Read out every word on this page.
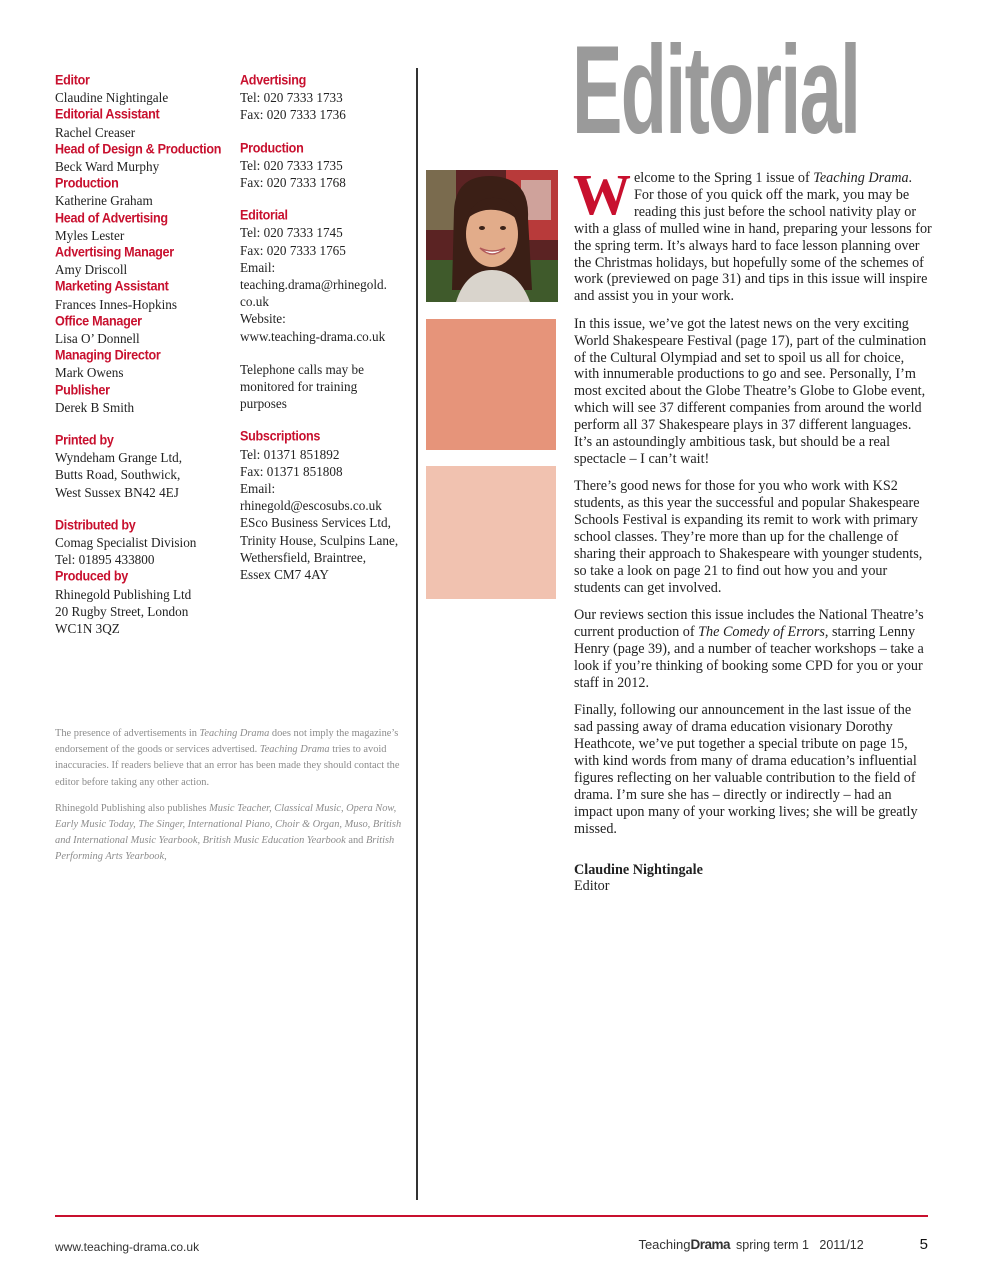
Editor
Claudine Nightingale
Editorial Assistant
Rachel Creaser
Head of Design & Production
Beck Ward Murphy
Production
Katherine Graham
Head of Advertising
Myles Lester
Advertising Manager
Amy Driscoll
Marketing Assistant
Frances Innes-Hopkins
Office Manager
Lisa O’ Donnell
Managing Director
Mark Owens
Publisher
Derek B Smith
Printed by
Wyndeham Grange Ltd,
Butts Road, Southwick,
West Sussex BN42 4EJ
Distributed by
Comag Specialist Division
Tel: 01895 433800
Produced by
Rhinegold Publishing Ltd
20 Rugby Street, London
WC1N 3QZ
Advertising
Tel: 020 7333 1733
Fax: 020 7333 1736
Production
Tel: 020 7333 1735
Fax: 020 7333 1768
Editorial
Tel: 020 7333 1745
Fax: 020 7333 1765
Email:
teaching.drama@rhinegold.
co.uk
Website:
www.teaching-drama.co.uk
Telephone calls may be
monitored for training
purposes
Subscriptions
Tel: 01371 851892
Fax: 01371 851808
Email:
rhinegold@escosubs.co.uk
ESco Business Services Ltd,
Trinity House, Sculpins Lane,
Wethersfield, Braintree,
Essex CM7 4AY

The presence of advertisements in Teaching Drama does not imply the magazine’s endorsement of the goods or services advertised. Teaching Drama tries to avoid inaccuracies. If readers believe that an error has been made they should contact the editor before taking any other action.

Rhinegold Publishing also publishes Music Teacher, Classical Music, Opera Now, Early Music Today, The Singer, International Piano, Choir & Organ, Muso, British and International Music Yearbook, British Music Education Yearbook and British Performing Arts Yearbook,

Editorial

Welcome to the Spring 1 issue of Teaching Drama. For those of you quick off the mark, you may be reading this just before the school nativity play or with a glass of mulled wine in hand, preparing your lessons for the spring term. It’s always hard to face lesson planning over the Christmas holidays, but hopefully some of the schemes of work (previewed on page 31) and tips in this issue will inspire and assist you in your work.

In this issue, we’ve got the latest news on the very exciting World Shakespeare Festival (page 17), part of the culmination of the Cultural Olympiad and set to spoil us all for choice, with innumerable productions to go and see. Personally, I’m most excited about the Globe Theatre’s Globe to Globe event, which will see 37 different companies from around the world perform all 37 Shakespeare plays in 37 different languages. It’s an astoundingly ambitious task, but should be a real spectacle – I can’t wait!

There’s good news for those for you who work with KS2 students, as this year the successful and popular Shakespeare Schools Festival is expanding its remit to work with primary school classes. They’re more than up for the challenge of sharing their approach to Shakespeare with younger students, so take a look on page 21 to find out how you and your students can get involved.

Our reviews section this issue includes the National Theatre’s current production of The Comedy of Errors, starring Lenny Henry (page 39), and a number of teacher workshops – take a look if you’re thinking of booking some CPD for you or your staff in 2012.

Finally, following our announcement in the last issue of the sad passing away of drama education visionary Dorothy Heathcote, we’ve put together a special tribute on page 15, with kind words from many of drama education’s influential figures reflecting on her valuable contribution to the field of drama. I’m sure she has – directly or indirectly – had an impact upon many of your working lives; she will be greatly missed.

Claudine Nightingale
Editor
www.teaching-drama.co.uk	TeachingDrama spring term 1   2011/12	5
